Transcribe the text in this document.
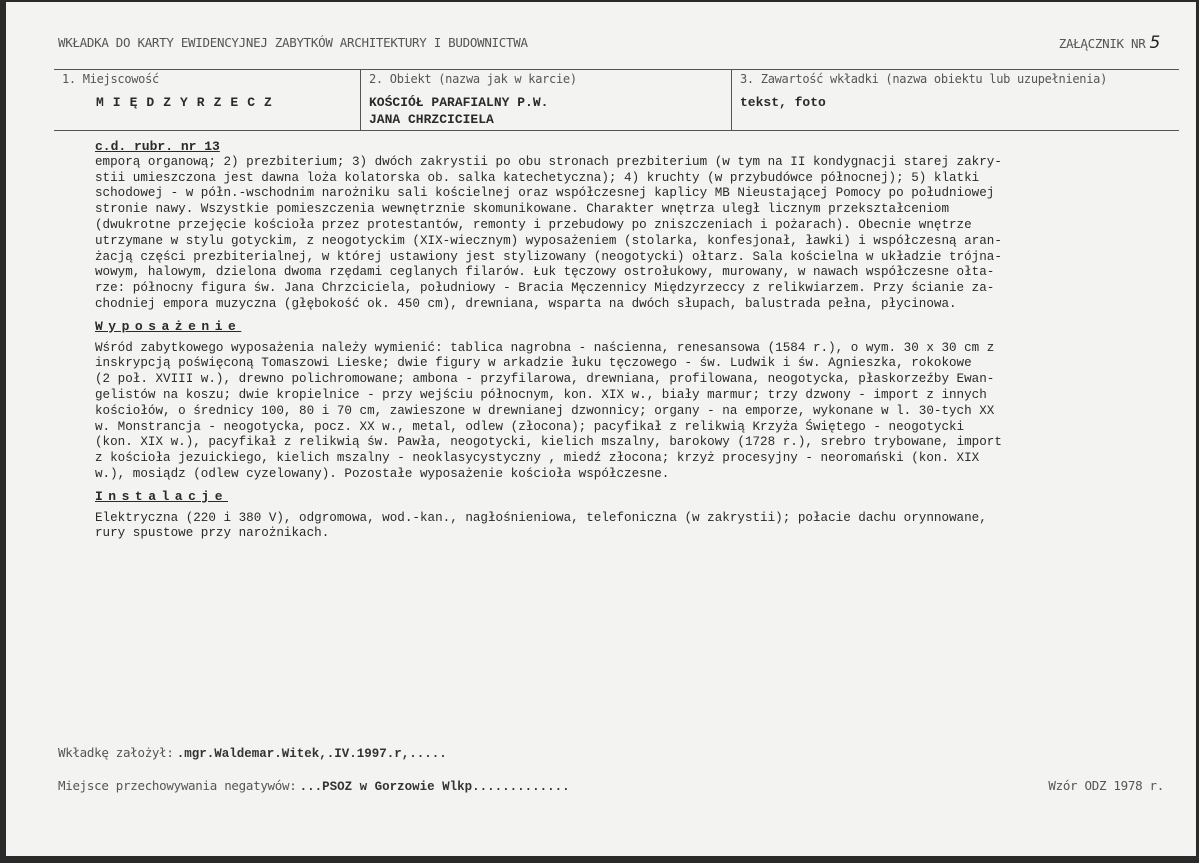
WKŁADKA DO KARTY EWIDENCYJNEJ ZABYTKÓW ARCHITEKTURY I BUDOWNICTWA	ZAŁĄCZNIK NR 5
1. Miejscowość
MIĘDZYRZECZ
2. Obiekt (nazwa jak w karcie)
KOŚCIÓŁ PARAFIALNY P.W.
JANA CHRZCICIELA
3. Zawartość wkładki (nazwa obiektu lub uzupełnienia)
tekst, foto

c.d. rubr. nr 13

emporą organową; 2) prezbiterium; 3) dwóch zakrystii po obu stronach prezbiterium (w tym na II kondygnacji starej zakry-
stii umieszczona jest dawna loża kolatorska ob. salka katechetyczna); 4) kruchty (w przybudówce północnej); 5) klatki
schodowej - w półn.-wschodnim narożniku sali kościelnej oraz współczesnej kaplicy MB Nieustającej Pomocy po południowej
stronie nawy. Wszystkie pomieszczenia wewnętrznie skomunikowane. Charakter wnętrza uległ licznym przekształceniom
(dwukrotne przejęcie kościoła przez protestantów, remonty i przebudowy po zniszczeniach i pożarach). Obecnie wnętrze
utrzymane w stylu gotyckim, z neogotyckim (XIX-wiecznym) wyposażeniem (stolarka, konfesjonał, ławki) i współczesną aran-
żacją części prezbiterialnej, w której ustawiony jest stylizowany (neogotycki) ołtarz. Sala kościelna w układzie trójna-
wowym, halowym, dzielona dwoma rzędami ceglanych filarów. Łuk tęczowy ostrołukowy, murowany, w nawach współczesne ołta-
rze: północny figura św. Jana Chrzciciela, południowy - Bracia Męczennicy Międzyrzeccy z relikwiarzem. Przy ścianie za-
chodniej empora muzyczna (głębokość ok. 450 cm), drewniana, wsparta na dwóch słupach, balustrada pełna, płycinowa.

Wyposażenie

Wśród zabytkowego wyposażenia należy wymienić: tablica nagrobna - naścienna, renesansowa (1584 r.), o wym. 30 x 30 cm z
inskrypcją poświęconą Tomaszowi Lieske; dwie figury w arkadzie łuku tęczowego - św. Ludwik i św. Agnieszka, rokokowe
(2 poł. XVIII w.), drewno polichromowane; ambona - przyfilarowa, drewniana, profilowana, neogotycka, płaskorzeźby Ewan-
gelistów na koszu; dwie kropielnice - przy wejściu północnym, kon. XIX w., biały marmur; trzy dzwony - import z innych
kościołów, o średnicy 100, 80 i 70 cm, zawieszone w drewnianej dzwonnicy; organy - na emporze, wykonane w l. 30-tych XX
w. Monstrancja - neogotycka, pocz. XX w., metal, odlew (złocona); pacyfikał z relikwią Krzyża Świętego - neogotycki
(kon. XIX w.), pacyfikał z relikwią św. Pawła, neogotycki, kielich mszalny, barokowy (1728 r.), srebro trybowane, import
z kościoła jezuickiego, kielich mszalny - neoklasycystyczny , miedź złocona; krzyż procesyjny - neoromański (kon. XIX
w.), mosiądz (odlew cyzelowany). Pozostałe wyposażenie kościoła współczesne.

Instalacje

Elektryczna (220 i 380 V), odgromowa, wod.-kan., nagłośnieniowa, telefoniczna (w zakrystii); połacie dachu orynnowane,
rury spustowe przy narożnikach.
Wkładkę założył: .mgr.Waldemar.Witek,.IV.1997.r,.....
Miejsce przechowywania negatywów: ...PSOZ w Gorzowie Wlkp.............	Wzór ODZ 1978 r.
